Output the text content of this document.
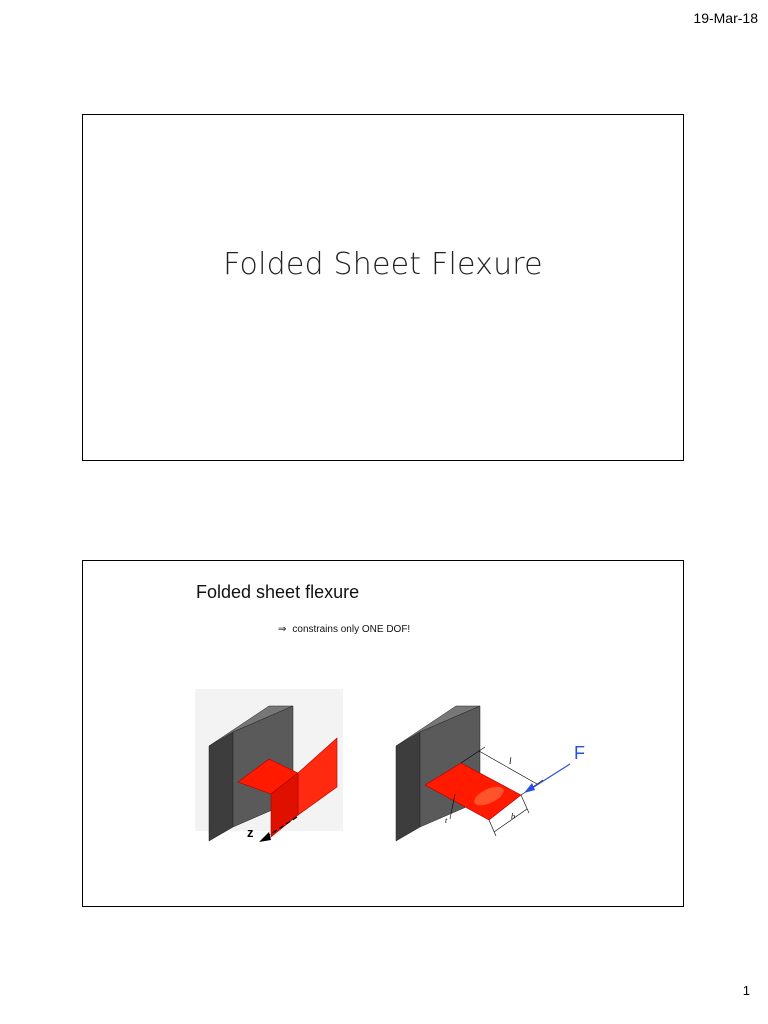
19-Mar-18
Folded Sheet Flexure
Folded sheet flexure
⇒ constrains only ONE DOF!
z
l
b
t
F
1
